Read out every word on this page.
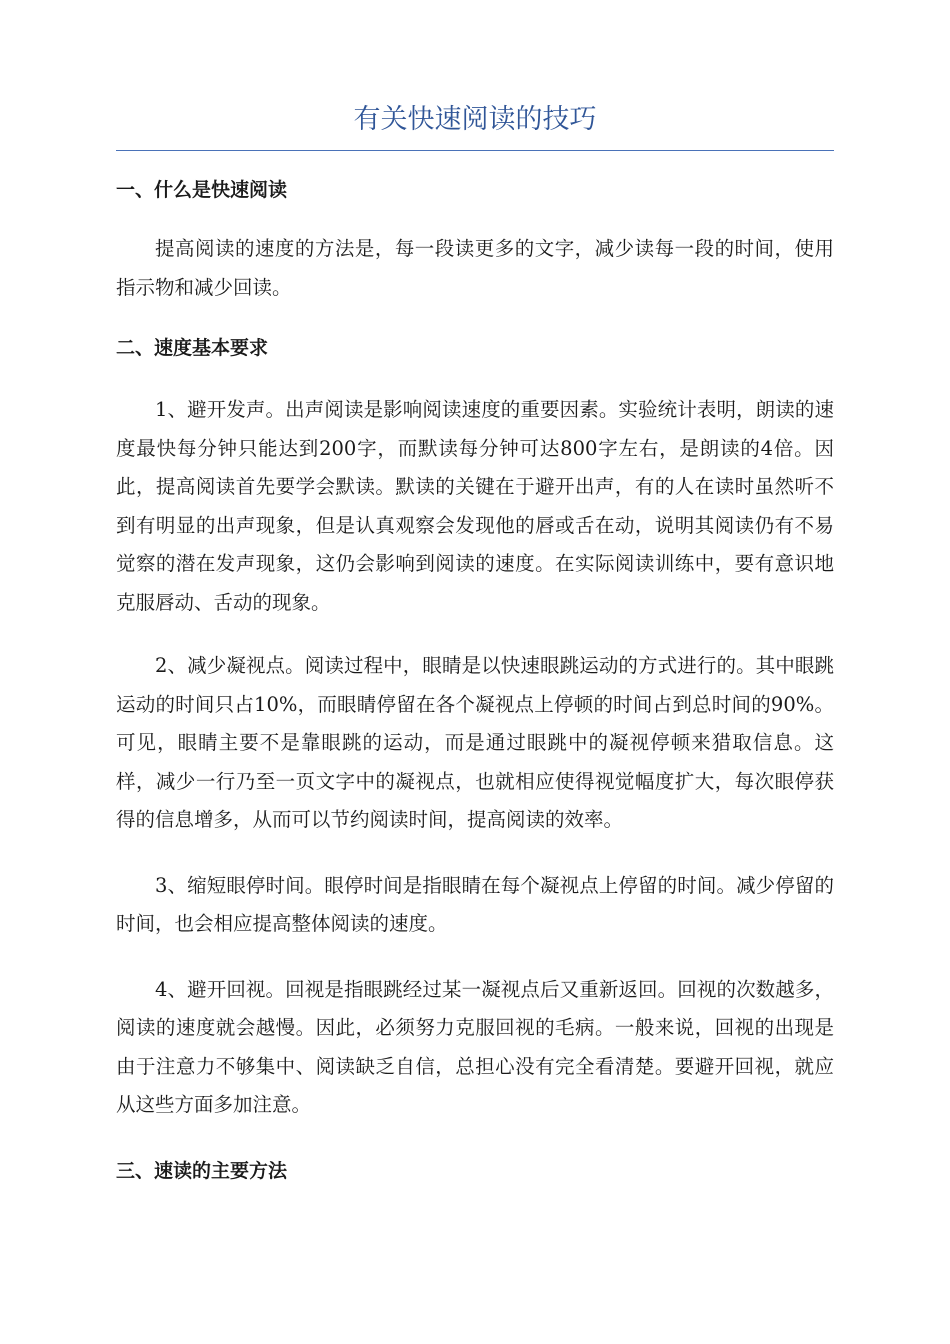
有关快速阅读的技巧
一、什么是快速阅读

提高阅读的速度的方法是，每一段读更多的文字，减少读每一段的时间，使用指示物和减少回读。

二、速度基本要求

1、避开发声。出声阅读是影响阅读速度的重要因素。实验统计表明，朗读的速度最快每分钟只能达到200字，而默读每分钟可达800字左右，是朗读的4倍。因此，提高阅读首先要学会默读。默读的关键在于避开出声，有的人在读时虽然听不到有明显的出声现象，但是认真观察会发现他的唇或舌在动，说明其阅读仍有不易觉察的潜在发声现象，这仍会影响到阅读的速度。在实际阅读训练中，要有意识地克服唇动、舌动的现象。

2、减少凝视点。阅读过程中，眼睛是以快速眼跳运动的方式进行的。其中眼跳运动的时间只占10%，而眼睛停留在各个凝视点上停顿的时间占到总时间的90%。可见，眼睛主要不是靠眼跳的运动，而是通过眼跳中的凝视停顿来猎取信息。这样，减少一行乃至一页文字中的凝视点，也就相应使得视觉幅度扩大，每次眼停获得的信息增多，从而可以节约阅读时间，提高阅读的效率。

3、缩短眼停时间。眼停时间是指眼睛在每个凝视点上停留的时间。减少停留的时间，也会相应提高整体阅读的速度。

4、避开回视。回视是指眼跳经过某一凝视点后又重新返回。回视的次数越多，阅读的速度就会越慢。因此，必须努力克服回视的毛病。一般来说，回视的出现是由于注意力不够集中、阅读缺乏自信，总担心没有完全看清楚。要避开回视，就应从这些方面多加注意。

三、速读的主要方法
